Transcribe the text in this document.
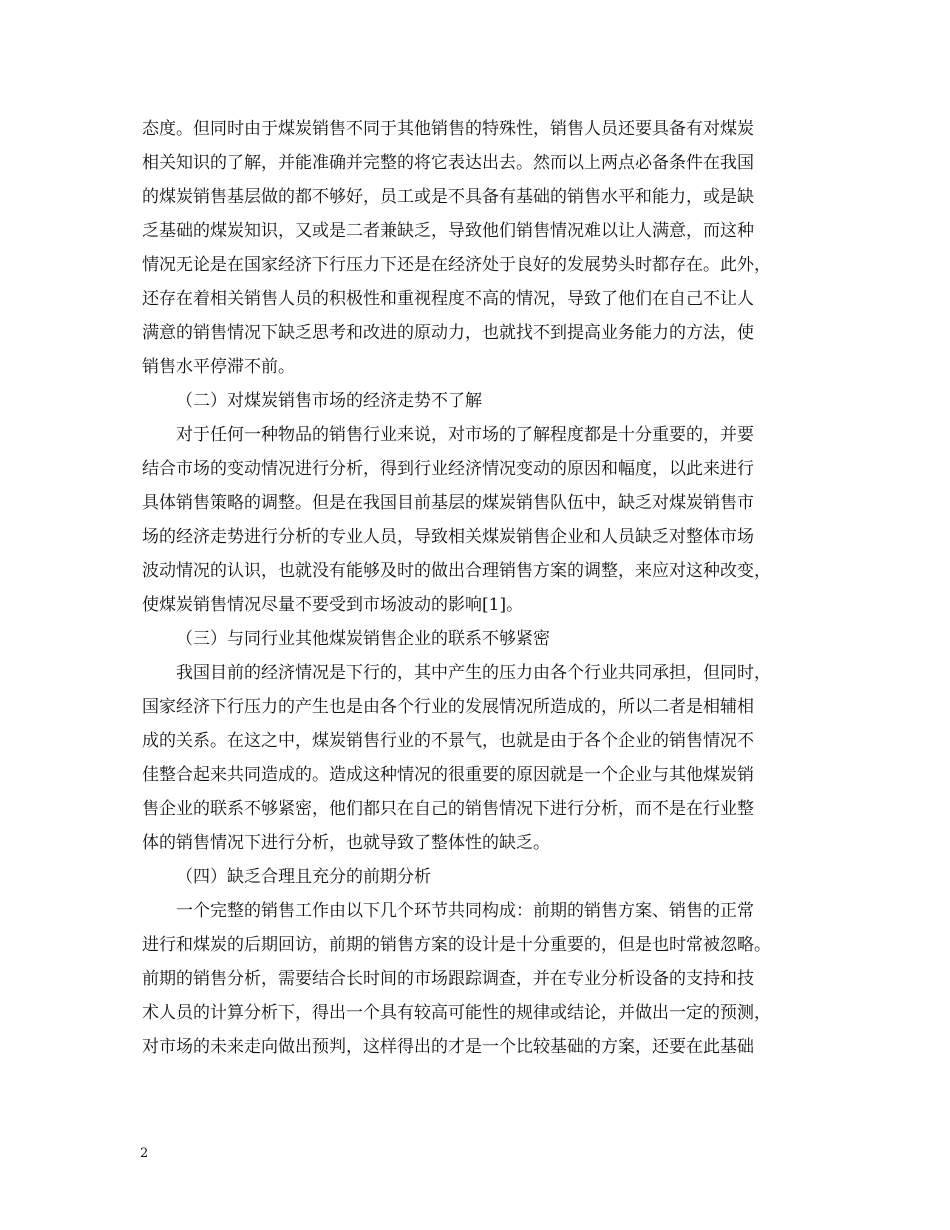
态度。但同时由于煤炭销售不同于其他销售的特殊性，销售人员还要具备有对煤炭
相关知识的了解，并能准确并完整的将它表达出去。然而以上两点必备条件在我国
的煤炭销售基层做的都不够好，员工或是不具备有基础的销售水平和能力，或是缺
乏基础的煤炭知识，又或是二者兼缺乏，导致他们销售情况难以让人满意，而这种
情况无论是在国家经济下行压力下还是在经济处于良好的发展势头时都存在。此外，
还存在着相关销售人员的积极性和重视程度不高的情况，导致了他们在自己不让人
满意的销售情况下缺乏思考和改进的原动力，也就找不到提高业务能力的方法，使
销售水平停滞不前。
（二）对煤炭销售市场的经济走势不了解
对于任何一种物品的销售行业来说，对市场的了解程度都是十分重要的，并要
结合市场的变动情况进行分析，得到行业经济情况变动的原因和幅度，以此来进行
具体销售策略的调整。但是在我国目前基层的煤炭销售队伍中，缺乏对煤炭销售市
场的经济走势进行分析的专业人员，导致相关煤炭销售企业和人员缺乏对整体市场
波动情况的认识，也就没有能够及时的做出合理销售方案的调整，来应对这种改变，
使煤炭销售情况尽量不要受到市场波动的影响[1]。
（三）与同行业其他煤炭销售企业的联系不够紧密
我国目前的经济情况是下行的，其中产生的压力由各个行业共同承担，但同时，
国家经济下行压力的产生也是由各个行业的发展情况所造成的，所以二者是相辅相
成的关系。在这之中，煤炭销售行业的不景气，也就是由于各个企业的销售情况不
佳整合起来共同造成的。造成这种情况的很重要的原因就是一个企业与其他煤炭销
售企业的联系不够紧密，他们都只在自己的销售情况下进行分析，而不是在行业整
体的销售情况下进行分析，也就导致了整体性的缺乏。
（四）缺乏合理且充分的前期分析
一个完整的销售工作由以下几个环节共同构成：前期的销售方案、销售的正常
进行和煤炭的后期回访，前期的销售方案的设计是十分重要的，但是也时常被忽略。
前期的销售分析，需要结合长时间的市场跟踪调查，并在专业分析设备的支持和技
术人员的计算分析下，得出一个具有较高可能性的规律或结论，并做出一定的预测，
对市场的未来走向做出预判，这样得出的才是一个比较基础的方案，还要在此基础
2
